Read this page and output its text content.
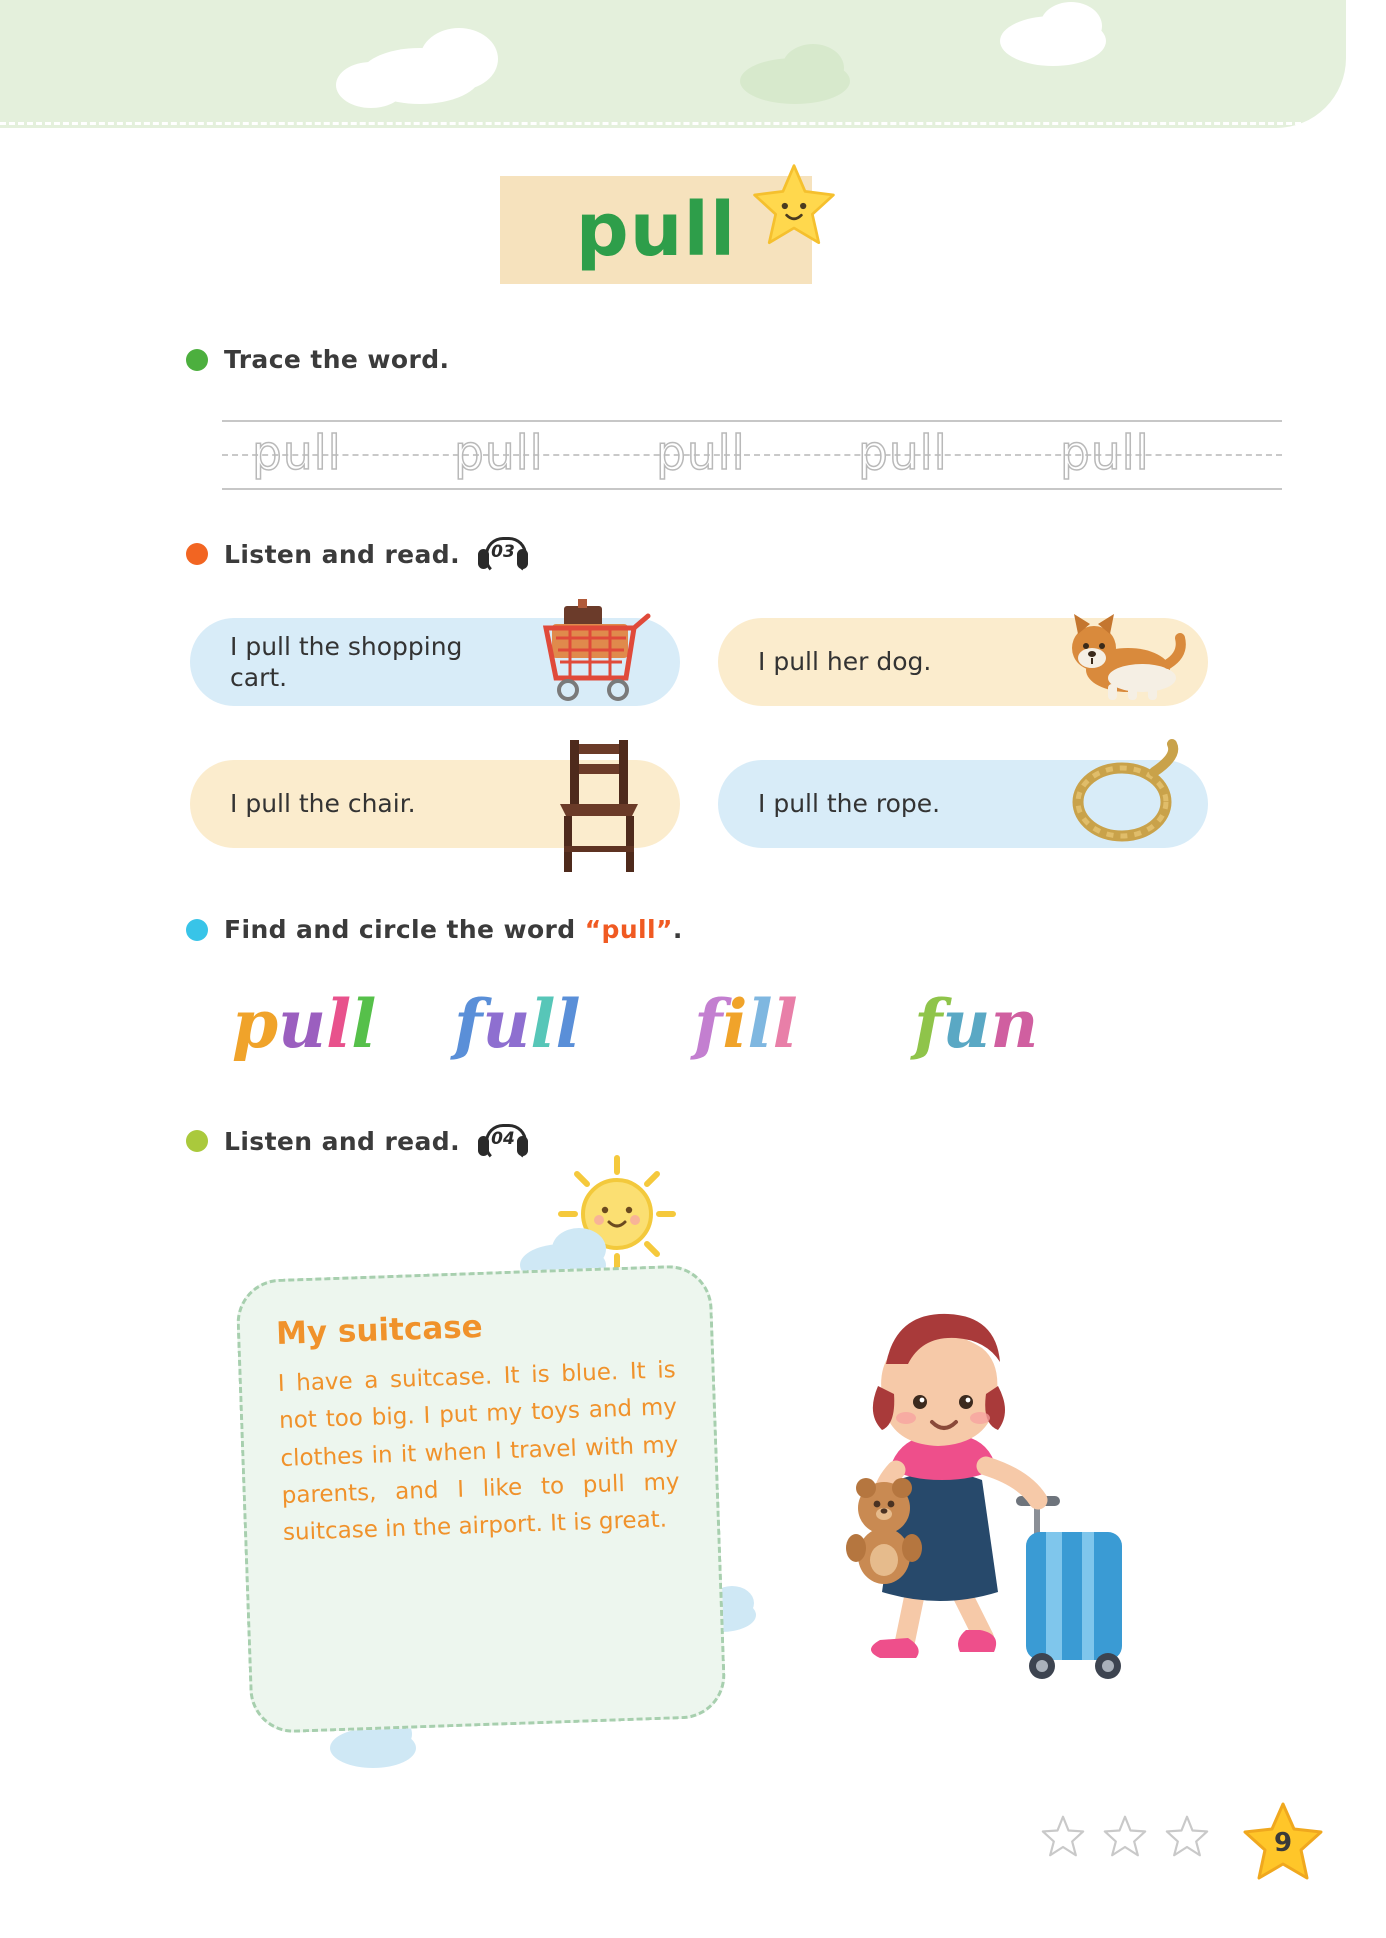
pull
Trace the word.
pull pull pull pull pull
Listen and read.	03
I pull the shopping cart.
I pull her dog.
I pull the chair.	I pull the rope.
Find and circle the word “pull”.
pull full fill fun
Listen and read.	04
My suitcase
I have a suitcase. It is blue. It is not too big. I put my toys and my clothes in it when I travel with my parents, and I like to pull my suitcase in the airport. It is great.
9
